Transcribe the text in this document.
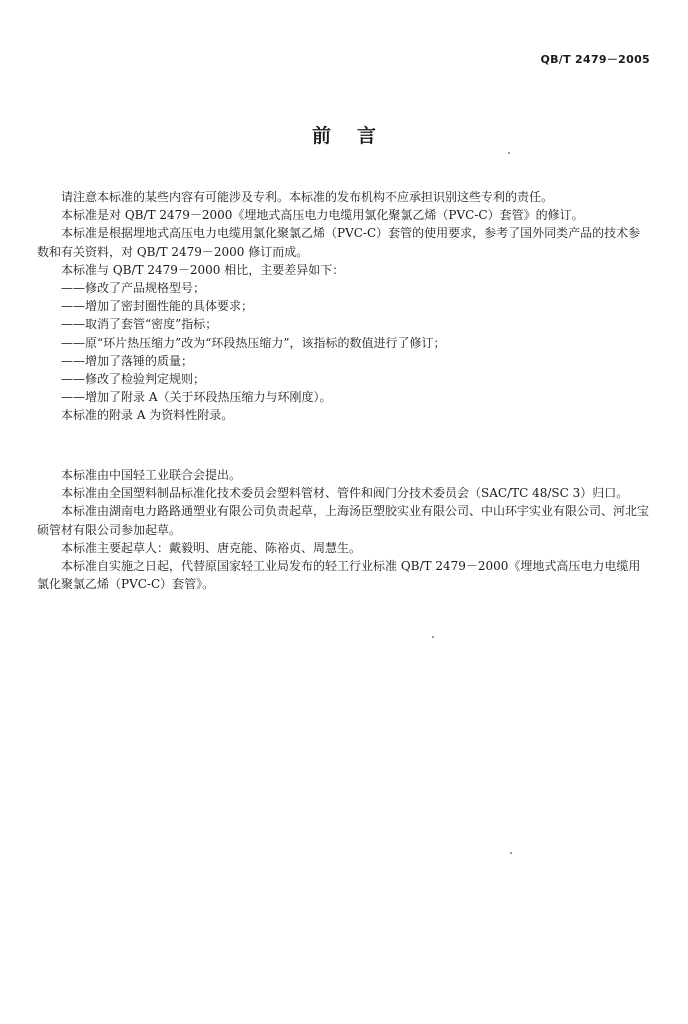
QB/T 2479－2005
前言

请注意本标准的某些内容有可能涉及专利。本标准的发布机构不应承担识别这些专利的责任。

本标准是对 QB/T 2479－2000《埋地式高压电力电缆用氯化聚氯乙烯（PVC-C）套管》的修订。

本标准是根据埋地式高压电力电缆用氯化聚氯乙烯（PVC-C）套管的使用要求，参考了国外同类产品的技术参数和有关资料，对 QB/T 2479－2000 修订而成。

本标准与 QB/T 2479－2000 相比，主要差异如下：

——修改了产品规格型号；

——增加了密封圈性能的具体要求；

——取消了套管“密度”指标；

——原“环片热压缩力”改为“环段热压缩力”，该指标的数值进行了修订；

——增加了落锤的质量；

——修改了检验判定规则；

——增加了附录 A（关于环段热压缩力与环刚度）。

本标准的附录 A 为资料性附录。

本标准由中国轻工业联合会提出。

本标准由全国塑料制品标准化技术委员会塑料管材、管件和阀门分技术委员会（SAC/TC 48/SC 3）归口。

本标准由湖南电力路路通塑业有限公司负责起草，上海汤臣塑胶实业有限公司、中山环宇实业有限公司、河北宝硕管材有限公司参加起草。

本标准主要起草人：戴毅明、唐克能、陈裕贞、周慧生。

本标准自实施之日起，代替原国家轻工业局发布的轻工行业标准 QB/T 2479－2000《埋地式高压电力电缆用氯化聚氯乙烯（PVC-C）套管》。
